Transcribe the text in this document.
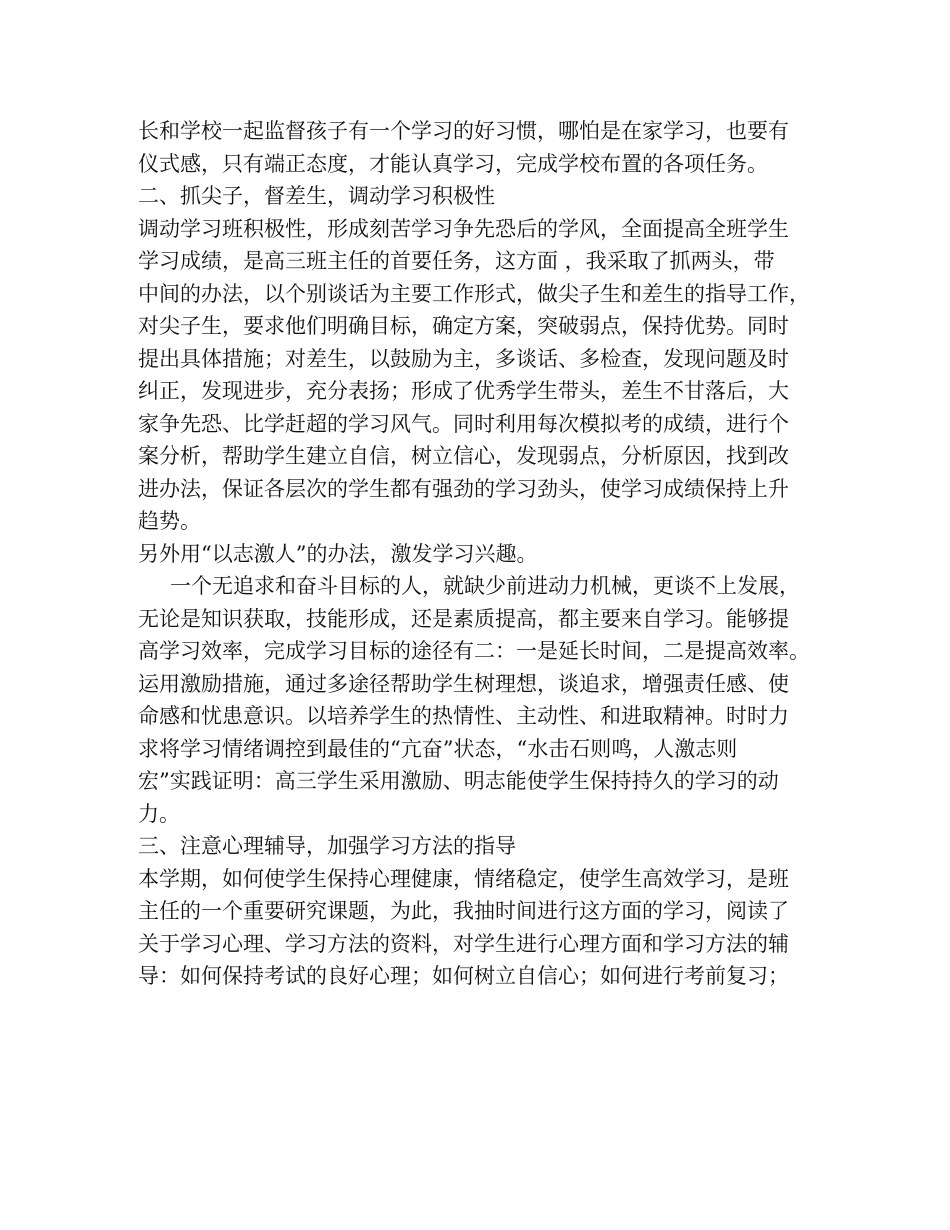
长和学校一起监督孩子有一个学习的好习惯，哪怕是在家学习，也要有
仪式感，只有端正态度，才能认真学习，完成学校布置的各项任务。
二、抓尖子，督差生，调动学习积极性
调动学习班积极性，形成刻苦学习争先恐后的学风，全面提高全班学生
学习成绩，是高三班主任的首要任务，这方面 ，我采取了抓两头，带
中间的办法，以个别谈话为主要工作形式，做尖子生和差生的指导工作，
对尖子生，要求他们明确目标，确定方案，突破弱点，保持优势。同时
提出具体措施；对差生，以鼓励为主，多谈话、多检查，发现问题及时
纠正，发现进步，充分表扬；形成了优秀学生带头，差生不甘落后，大
家争先恐、比学赶超的学习风气。同时利用每次模拟考的成绩，进行个
案分析，帮助学生建立自信，树立信心，发现弱点，分析原因，找到改
进办法，保证各层次的学生都有强劲的学习劲头，使学习成绩保持上升
趋势。
另外用“以志激人”的办法，激发学习兴趣。
一个无追求和奋斗目标的人，就缺少前进动力机械，更谈不上发展，
无论是知识获取，技能形成，还是素质提高，都主要来自学习。能够提
高学习效率，完成学习目标的途径有二：一是延长时间，二是提高效率。
运用激励措施，通过多途径帮助学生树理想，谈追求，增强责任感、使
命感和忧患意识。以培养学生的热情性、主动性、和进取精神。时时力
求将学习情绪调控到最佳的“亢奋”状态，“水击石则鸣，人激志则
宏”实践证明：高三学生采用激励、明志能使学生保持持久的学习的动
力。
三、注意心理辅导，加强学习方法的指导
本学期，如何使学生保持心理健康，情绪稳定，使学生高效学习，是班
主任的一个重要研究课题，为此，我抽时间进行这方面的学习，阅读了
关于学习心理、学习方法的资料，对学生进行心理方面和学习方法的辅
导：如何保持考试的良好心理；如何树立自信心；如何进行考前复习；
